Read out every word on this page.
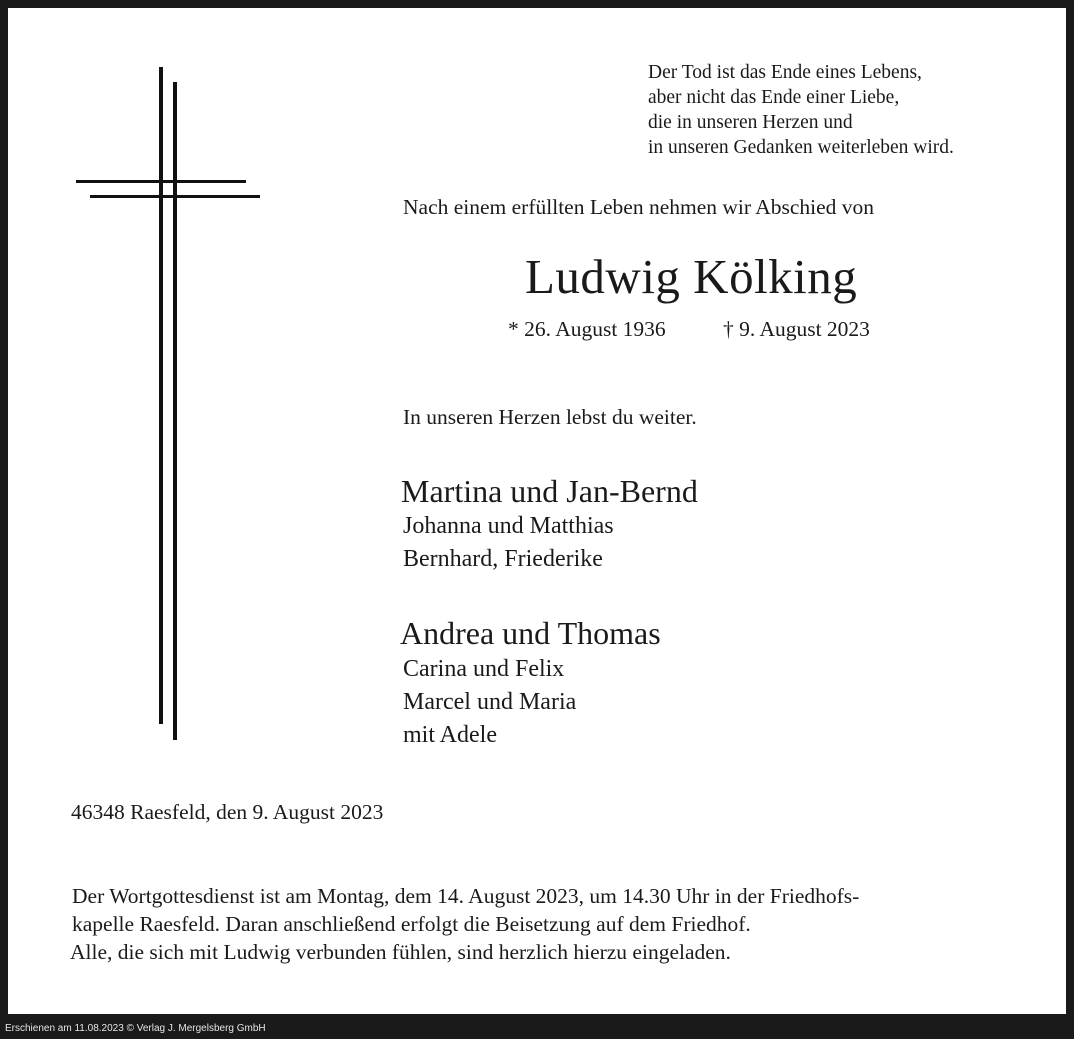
Der Tod ist das Ende eines Lebens,
aber nicht das Ende einer Liebe,
die in unseren Herzen und
in unseren Gedanken weiterleben wird.
Nach einem erfüllten Leben nehmen wir Abschied von
Ludwig Kölking
* 26. August 1936	† 9. August 2023
In unseren Herzen lebst du weiter.
Martina und Jan-Bernd
Johanna und Matthias
Bernhard, Friederike
Andrea und Thomas
Carina und Felix
Marcel und Maria
mit Adele
46348 Raesfeld, den 9. August 2023
Der Wortgottesdienst ist am Montag, dem 14. August 2023, um 14.30 Uhr in der Friedhofs-
kapelle Raesfeld. Daran anschließend erfolgt die Beisetzung auf dem Friedhof.
Alle, die sich mit Ludwig verbunden fühlen, sind herzlich hierzu eingeladen.
Erschienen am 11.08.2023 © Verlag J. Mergelsberg GmbH
